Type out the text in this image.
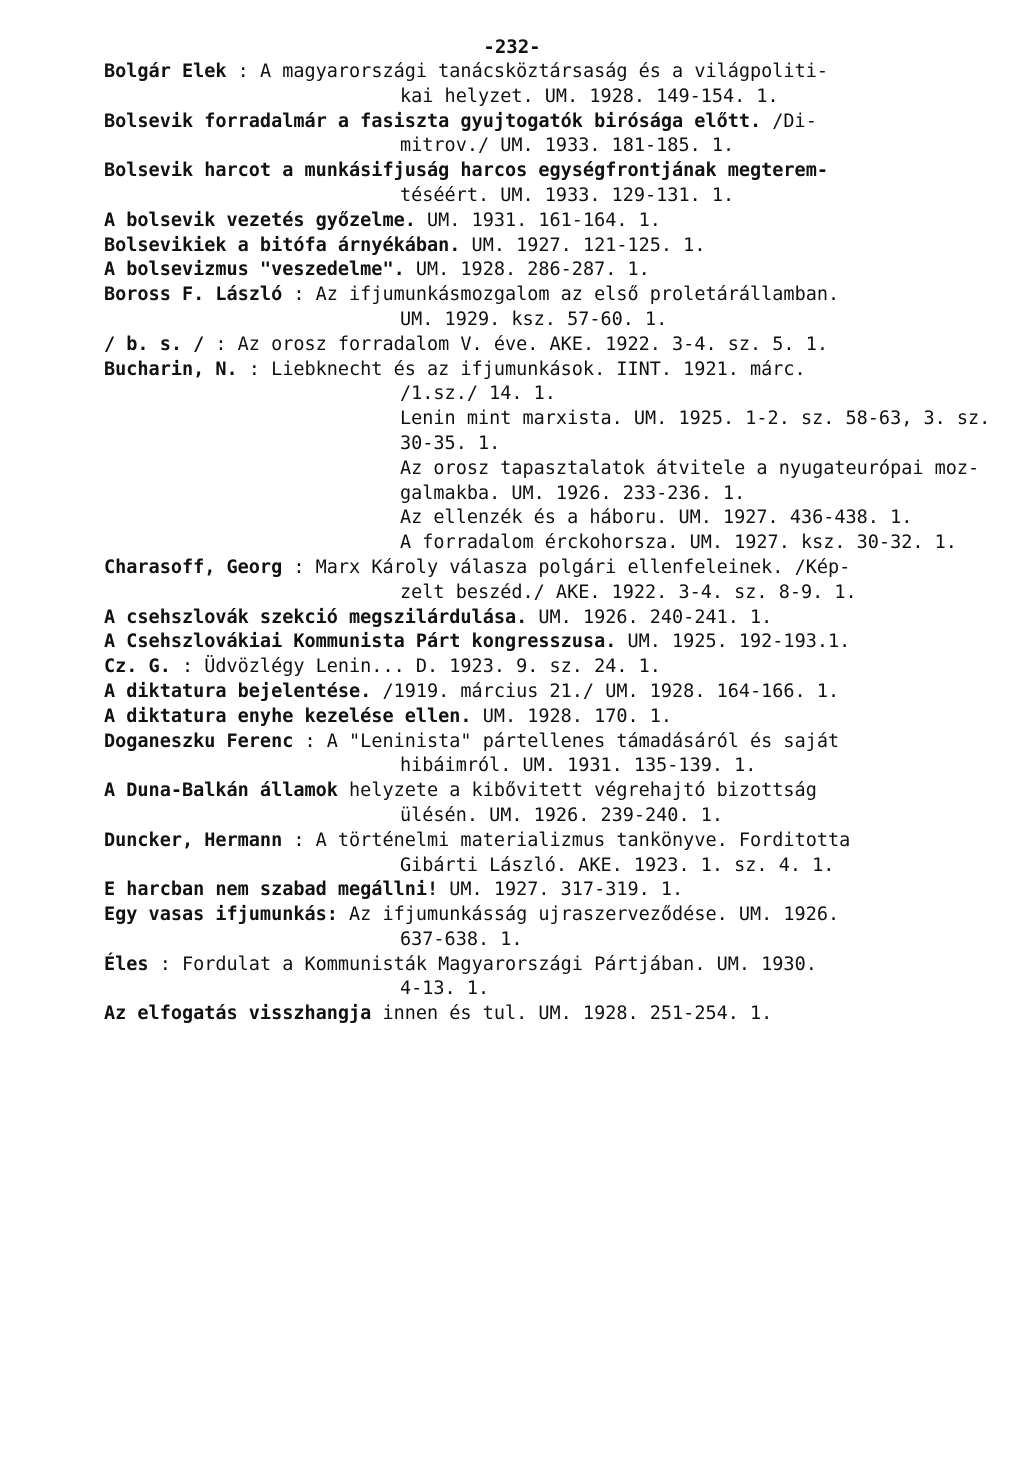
-232-
Bolgár Elek : A magyarországi tanácsköztársaság és a világpoliti-
kai helyzet. UM. 1928. 149-154. 1.
Bolsevik forradalmár a fasiszta gyujtogatók birósága előtt. /Di-
mitrov./ UM. 1933. 181-185. 1.
Bolsevik harcot a munkásifjuság harcos egységfrontjának megterem-
téséért. UM. 1933. 129-131. 1.
A bolsevik vezetés győzelme. UM. 1931. 161-164. 1.
Bolsevikiek a bitófa árnyékában. UM. 1927. 121-125. 1.
A bolsevizmus "veszedelme". UM. 1928. 286-287. 1.
Boross F. László : Az ifjumunkásmozgalom az első proletárállamban.
UM. 1929. ksz. 57-60. 1.
/ b. s. / : Az orosz forradalom V. éve. AKE. 1922. 3-4. sz. 5. 1.
Bucharin, N. : Liebknecht és az ifjumunkások. IINT. 1921. márc.
/1.sz./ 14. 1.
Lenin mint marxista. UM. 1925. 1-2. sz. 58-63, 3. sz.
30-35. 1.
Az orosz tapasztalatok átvitele a nyugateurópai moz-
galmakba. UM. 1926. 233-236. 1.
Az ellenzék és a háboru. UM. 1927. 436-438. 1.
A forradalom érckohorsza. UM. 1927. ksz. 30-32. 1.
Charasoff, Georg : Marx Károly válasza polgári ellenfeleinek. /Kép-
zelt beszéd./ AKE. 1922. 3-4. sz. 8-9. 1.
A csehszlovák szekció megszilárdulása. UM. 1926. 240-241. 1.
A Csehszlovákiai Kommunista Párt kongresszusa. UM. 1925. 192-193.1.
Cz. G. : Üdvözlégy Lenin... D. 1923. 9. sz. 24. 1.
A diktatura bejelentése. /1919. március 21./ UM. 1928. 164-166. 1.
A diktatura enyhe kezelése ellen. UM. 1928. 170. 1.
Doganeszku Ferenc : A "Leninista" pártellenes támadásáról és saját
hibáimról. UM. 1931. 135-139. 1.
A Duna-Balkán államok helyzete a kibővitett végrehajtó bizottság
ülésén. UM. 1926. 239-240. 1.
Duncker, Hermann : A történelmi materializmus tankönyve. Forditotta
Gibárti László. AKE. 1923. 1. sz. 4. 1.
E harcban nem szabad megállni! UM. 1927. 317-319. 1.
Egy vasas ifjumunkás: Az ifjumunkásság ujraszerveződése. UM. 1926.
637-638. 1.
Éles : Fordulat a Kommunisták Magyarországi Pártjában. UM. 1930.
4-13. 1.
Az elfogatás visszhangja innen és tul. UM. 1928. 251-254. 1.
